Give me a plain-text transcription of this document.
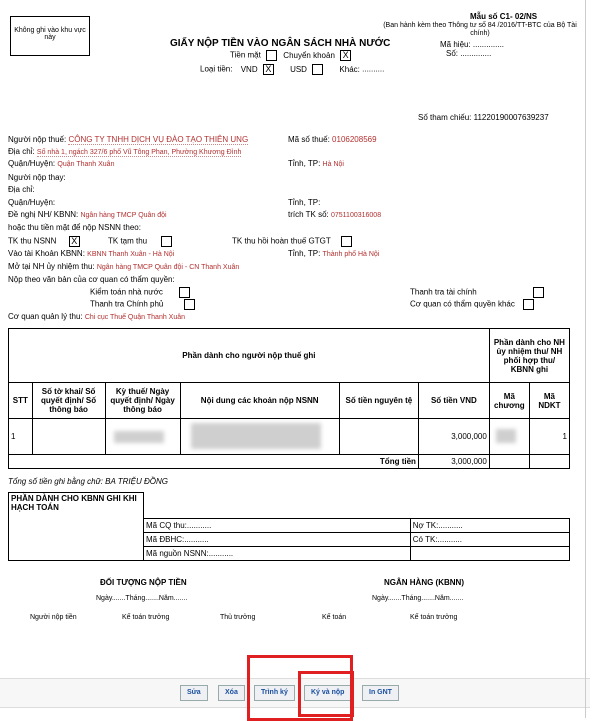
Không ghi vào khu vực này
GIẤY NỘP TIỀN VÀO NGÂN SÁCH NHÀ NƯỚC
Mẫu số C1- 02/NS
(Ban hành kèm theo Thông tư số 84 /2016/TT-BTC của Bộ Tài chính)
Mã hiệu: ..............
Số: ..............
Tiền mặt	Chuyển khoản X
Loại tiền: VND X USD	Khác: ..........
Số tham chiếu: 11220190007639237
Người nộp thuế: CÔNG TY TNHH DỊCH VỤ ĐÀO TẠO THIÊN UNG	Mã số thuế: 0106208569
Địa chỉ: Số nhà 1, ngách 327/6 phố Vũ Tông Phan, Phường Khương Đình
Quận/Huyện: Quận Thanh Xuân	Tỉnh, TP: Hà Nội
Người nộp thay:
Địa chỉ:
Quận/Huyện:	Tỉnh, TP:
Đề nghị NH/ KBNN: Ngân hàng TMCP Quân đội	trích TK số: 0751100316008
hoặc thu tiền mặt để nộp NSNN theo:
TK thu NSNN X	TK tạm thu	TK thu hồi hoàn thuế GTGT
Vào tài Khoản KBNN: KBNN Thanh Xuân - Hà Nội	Tỉnh, TP: Thành phố Hà Nội
Mở tại NH ủy nhiệm thu: Ngân hàng TMCP Quân đội - CN Thanh Xuân
Nộp theo văn bản của cơ quan có thẩm quyền:
Kiểm toán nhà nước	Thanh tra tài chính
Thanh tra Chính phủ	Cơ quan có thẩm quyền khác
Cơ quan quản lý thu: Chi cục Thuế Quận Thanh Xuân
Phần dành cho người nộp thuế ghi						Phần dành cho NH ủy nhiệm thu/ NH phối hợp thu/ KBNN ghi	
STT	Số tờ khai/ Số quyết định/ Số thông báo	Kỳ thuế/ Ngày quyết định/ Ngày thông báo	Nội dung các khoản nộp NSNN	Số tiền nguyên tệ	Số tiền VND	Mã chương	Mã NDKT
1					3,000,000		1
Tổng tiền					3,000,000		
Tổng số tiền ghi bằng chữ: BA TRIỆU ĐỒNG
PHẦN DÀNH CHO KBNN GHI KHI HẠCH TOÁN		
	Mã CQ thu:...........	Nợ TK:...........
	Mã ĐBHC:...........	Có TK:...........
	Mã nguồn NSNN:...........	
ĐỐI TƯỢNG NỘP TIỀN	NGÂN HÀNG (KBNN)
Ngày.......Tháng.......Năm.......	Ngày.......Tháng.......Năm.......
Người nộp tiền	Kế toán trưởng	Thủ trưởng	Kế toán	Kế toán trưởng
Sửa	Xóa	Trình ký	Ký và nộp	In GNT
